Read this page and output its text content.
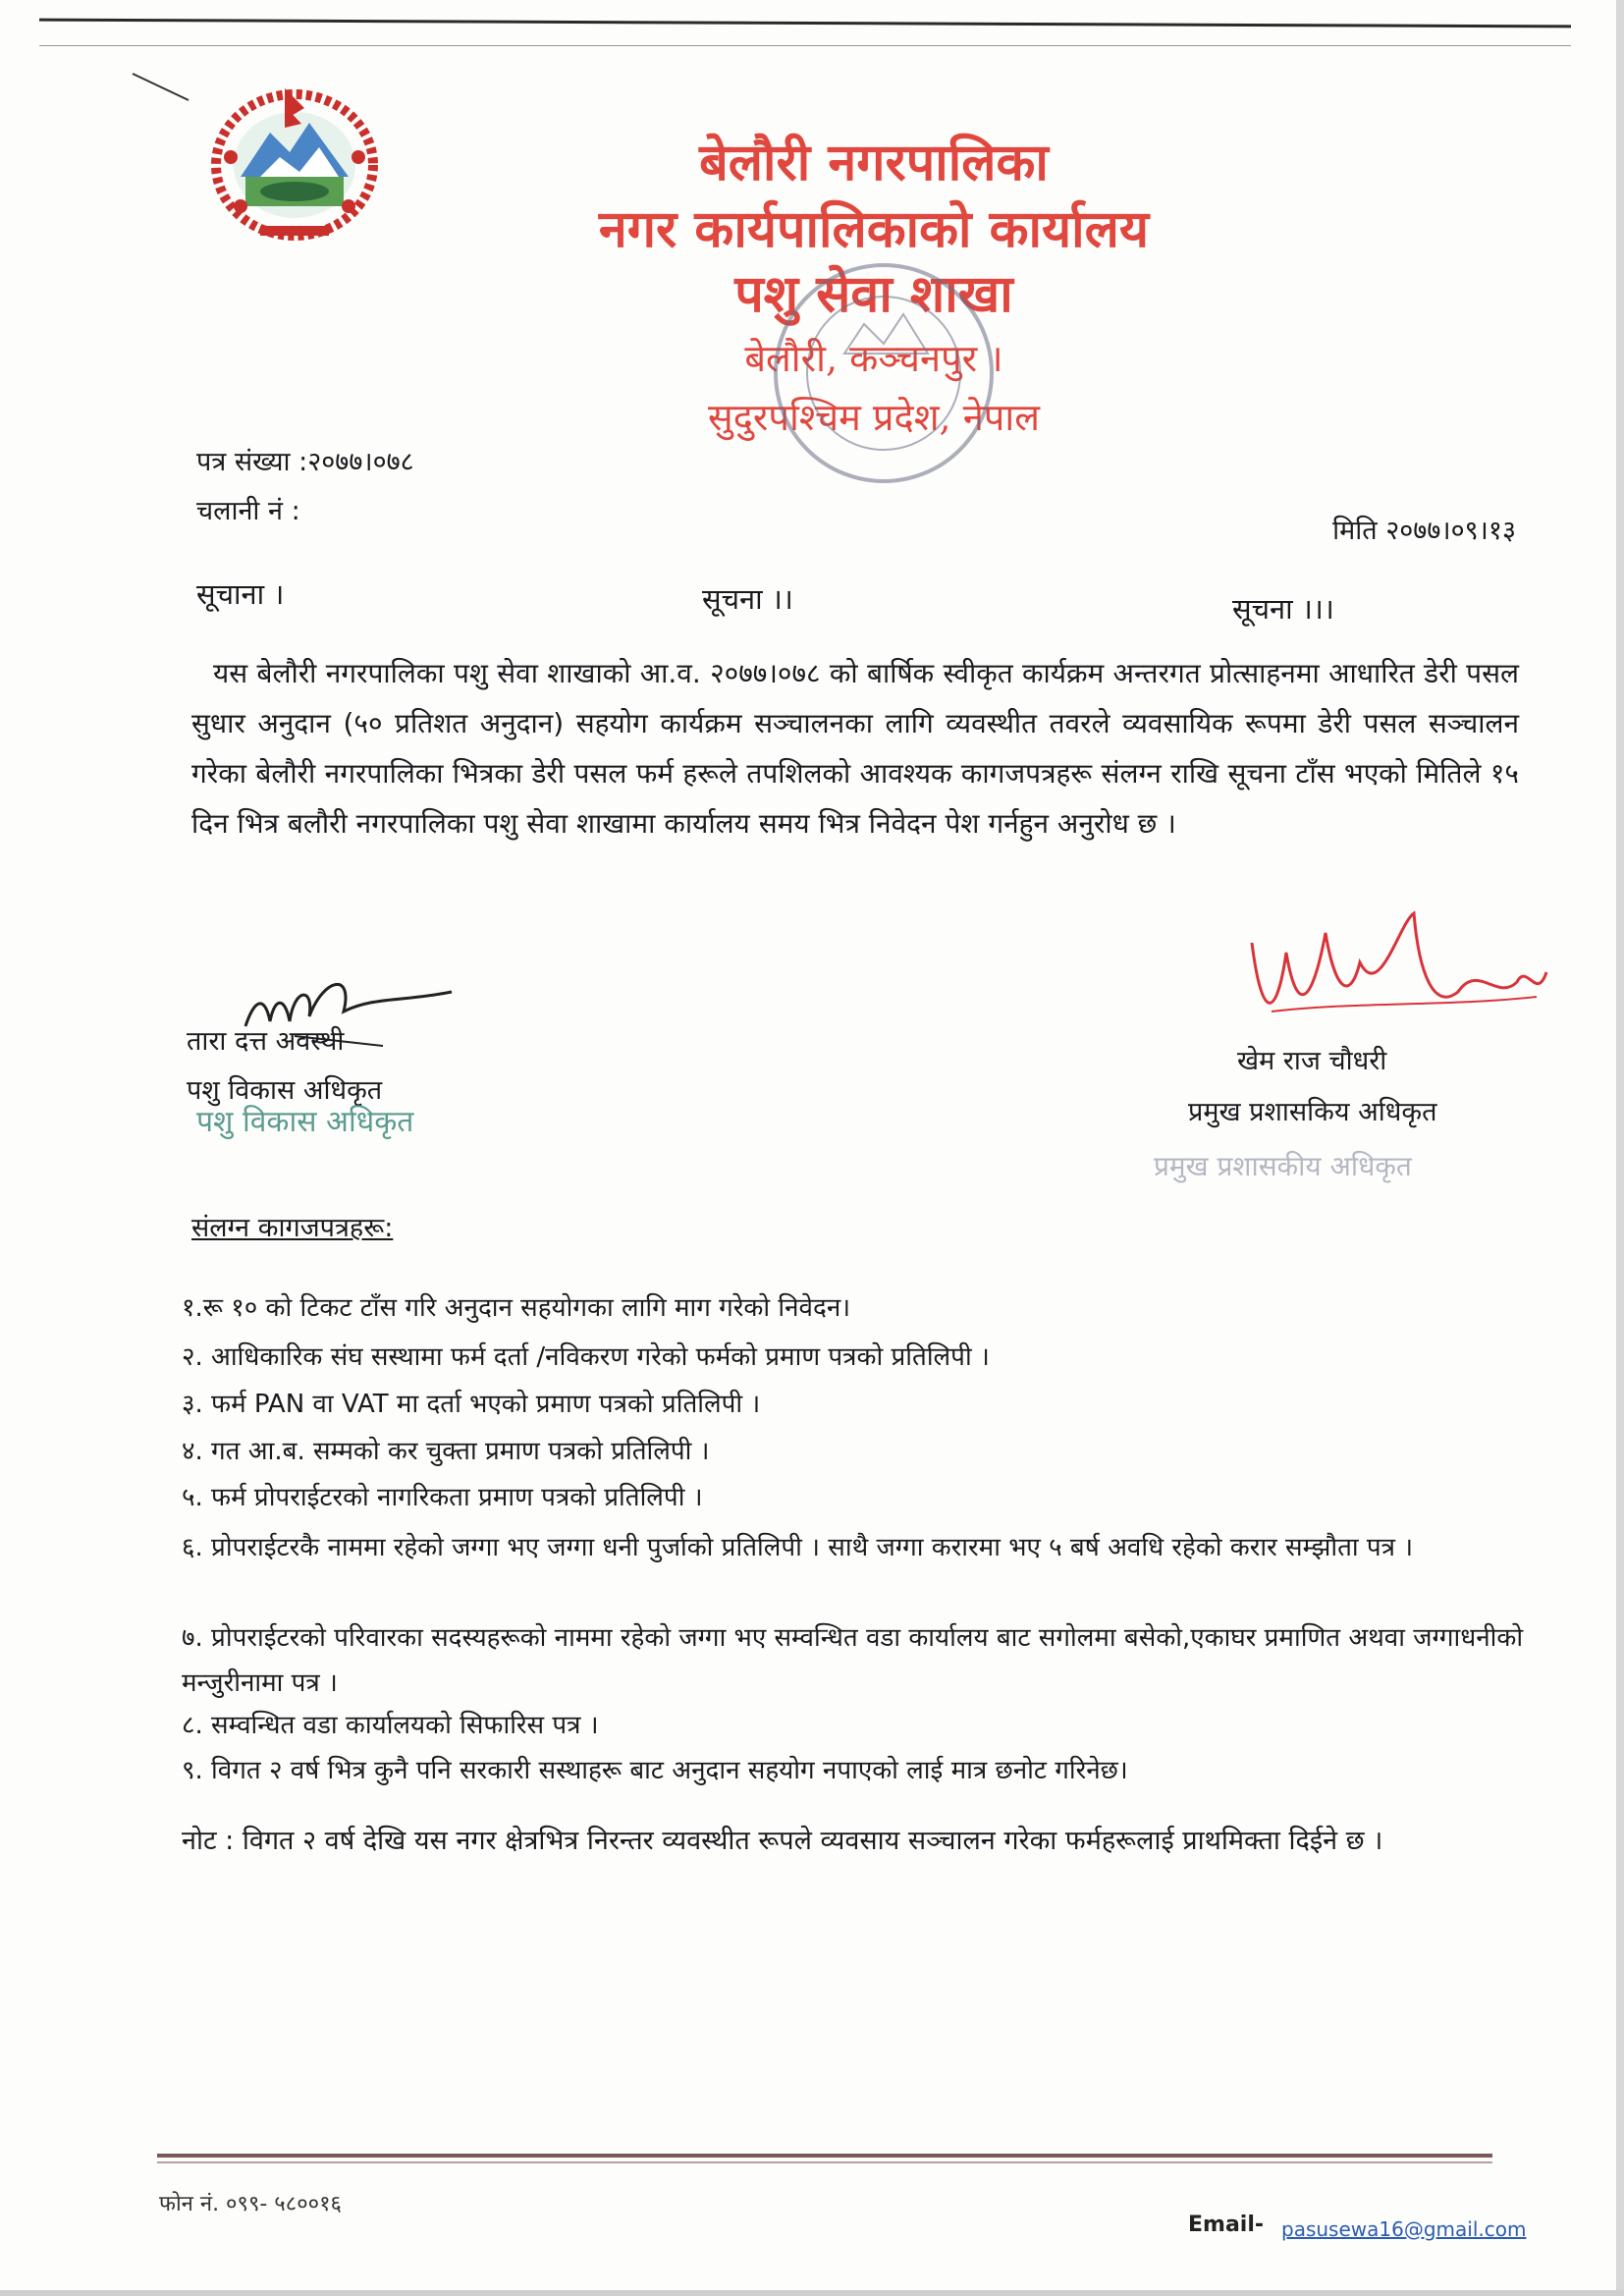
बेलौरी नगरपालिका
नगर कार्यपालिकाको कार्यालय
पशु सेवा शाखा
बेलौरी, कञ्चनपुर ।
सुदुरपश्चिम प्रदेश, नेपाल
पत्र संख्या :२०७७।०७८
चलानी नं :
मिति २०७७।०९।१३
सूचाना ।	सूचना ।।	सूचना ।।।
यस बेलौरी नगरपालिका पशु सेवा शाखाको आ.व. २०७७।०७८ को बार्षिक स्वीकृत कार्यक्रम अन्तरगत प्रोत्साहनमा आधारित डेरी पसल सुधार अनुदान (५० प्रतिशत अनुदान) सहयोग कार्यक्रम सञ्चालनका लागि व्यवस्थीत तवरले व्यवसायिक रूपमा डेरी पसल सञ्चालन गरेका बेलौरी नगरपालिका भित्रका डेरी पसल फर्म हरूले तपशिलको आवश्यक कागजपत्रहरू संलग्न राखि सूचना टाँस भएको मितिले १५ दिन भित्र बलौरी नगरपालिका पशु सेवा शाखामा कार्यालय समय भित्र निवेदन पेश गर्नहुन अनुरोध छ ।
तारा दत्त अवस्थी
पशु विकास अधिकृत
पशु विकास अधिकृत
खेम राज चौधरी
प्रमुख प्रशासकिय अधिकृत
प्रमुख प्रशासकीय अधिकृत
संलग्न कागजपत्रहरू:
१.रू १० को टिकट टाँस गरि अनुदान सहयोगका लागि माग गरेको निवेदन।
२. आधिकारिक संघ सस्थामा फर्म दर्ता /नविकरण गरेको फर्मको प्रमाण पत्रको प्रतिलिपी ।
३. फर्म PAN वा VAT मा दर्ता भएको प्रमाण पत्रको प्रतिलिपी ।
४. गत आ.ब. सम्मको कर चुक्ता प्रमाण पत्रको प्रतिलिपी ।
५. फर्म प्रोपराईटरको नागरिकता प्रमाण पत्रको प्रतिलिपी ।
६. प्रोपराईटरकै नाममा रहेको जग्गा भए जग्गा धनी पुर्जाको प्रतिलिपी । साथै जग्गा करारमा भए ५ बर्ष अवधि रहेको करार सम्झौता पत्र ।
७. प्रोपराईटरको परिवारका सदस्यहरूको नाममा रहेको जग्गा भए सम्वन्धित वडा कार्यालय बाट सगोलमा बसेको,एकाघर प्रमाणित अथवा जग्गाधनीको मन्जुरीनामा पत्र ।
८. सम्वन्धित वडा कार्यालयको सिफारिस पत्र ।
९. विगत २ वर्ष भित्र कुनै पनि सरकारी सस्थाहरू बाट अनुदान सहयोग नपाएको लाई मात्र छनोट गरिनेछ।
नोट : विगत २ वर्ष देखि यस नगर क्षेत्रभित्र निरन्तर व्यवस्थीत रूपले व्यवसाय सञ्चालन गरेका फर्महरूलाई प्राथमिक्ता दिईने छ ।
फोन नं. ०९९- ५८००१६
Email- pasusewa16@gmail.com
